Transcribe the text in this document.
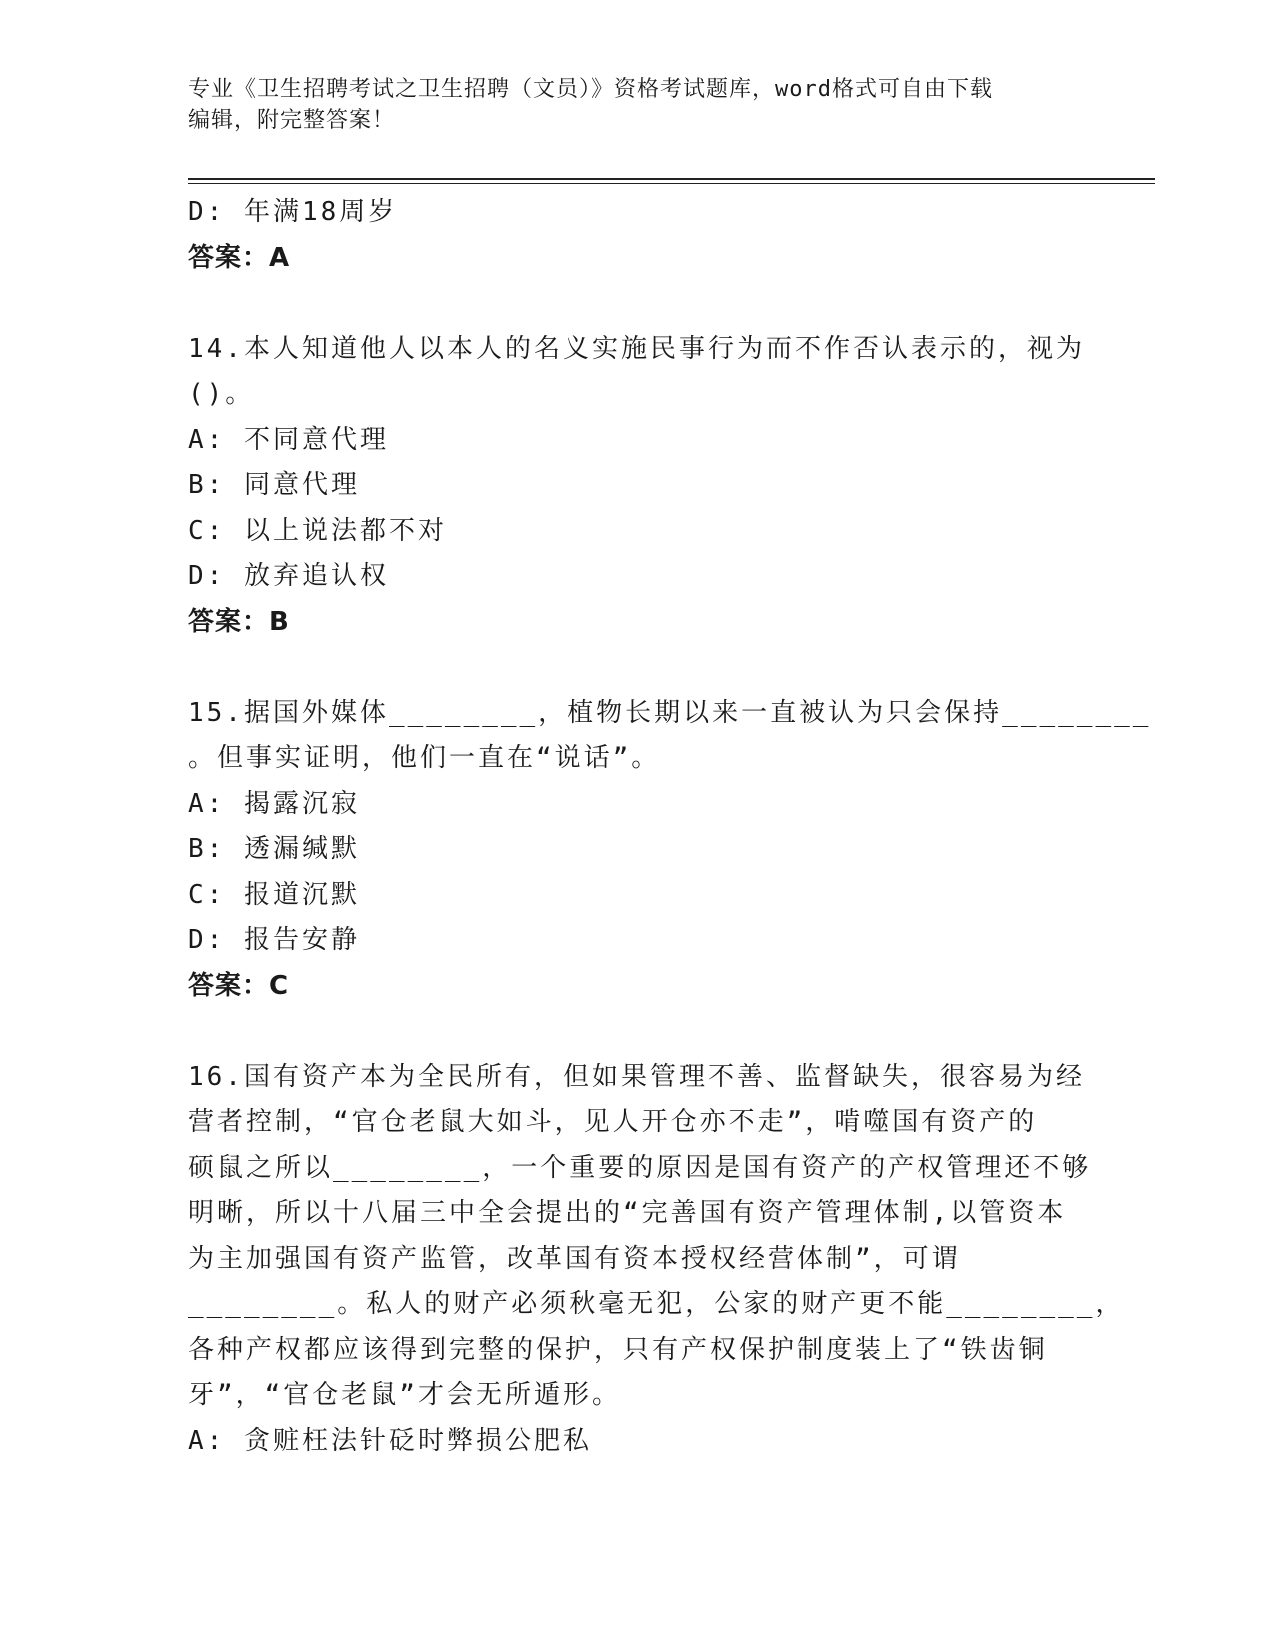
专业《卫生招聘考试之卫生招聘（文员）》资格考试题库，word格式可自由下载
编辑，附完整答案！
D: 年满18周岁
答案：A
14.本人知道他人以本人的名义实施民事行为而不作否认表示的，视为
()。
A: 不同意代理
B: 同意代理
C: 以上说法都不对
D: 放弃追认权
答案：B
15.据国外媒体________，植物长期以来一直被认为只会保持________
。但事实证明，他们一直在“说话”。
A: 揭露沉寂
B: 透漏缄默
C: 报道沉默
D: 报告安静
答案：C
16.国有资产本为全民所有，但如果管理不善、监督缺失，很容易为经
营者控制，“官仓老鼠大如斗，见人开仓亦不走”，啃噬国有资产的
硕鼠之所以________，一个重要的原因是国有资产的产权管理还不够
明晰，所以十八届三中全会提出的“完善国有资产管理体制,以管资本
为主加强国有资产监管，改革国有资本授权经营体制”，可谓
________。私人的财产必须秋毫无犯，公家的财产更不能________，
各种产权都应该得到完整的保护，只有产权保护制度装上了“铁齿铜
牙”，“官仓老鼠”才会无所遁形。
A: 贪赃枉法针砭时弊损公肥私
